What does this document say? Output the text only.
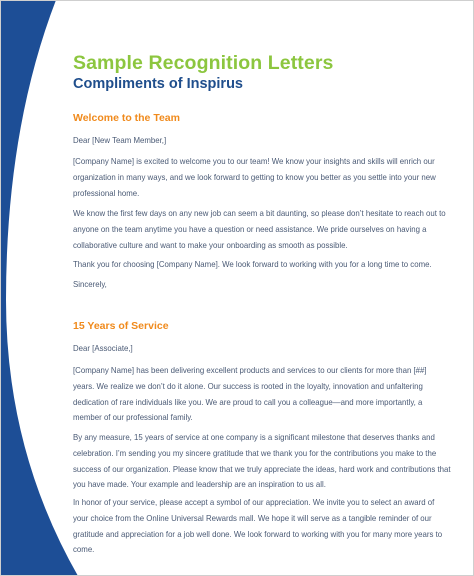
Sample Recognition Letters
Compliments of Inspirus
Welcome to the Team

Dear [New Team Member,]

[Company Name] is excited to welcome you to our team! We know your insights and skills will enrich our organization in many ways, and we look forward to getting to know you better as you settle into your new professional home.

We know the first few days on any new job can seem a bit daunting, so please don’t hesitate to reach out to anyone on the team anytime you have a question or need assistance. We pride ourselves on having a collaborative culture and want to make your onboarding as smooth as possible.

Thank you for choosing [Company Name]. We look forward to working with you for a long time to come.

Sincerely,

15 Years of Service

Dear [Associate,]

[Company Name] has been delivering excellent products and services to our clients for more than [##] years. We realize we don’t do it alone. Our success is rooted in the loyalty, innovation and unfaltering dedication of rare individuals like you. We are proud to call you a colleague—and more importantly, a member of our professional family.

By any measure, 15 years of service at one company is a significant milestone that deserves thanks and celebration. I’m sending you my sincere gratitude that we thank you for the contributions you make to the success of our organization. Please know that we truly appreciate the ideas, hard work and contributions that you have made. Your example and leadership are an inspiration to us all.

In honor of your service, please accept a symbol of our appreciation. We invite you to select an award of your choice from the Online Universal Rewards mall. We hope it will serve as a tangible reminder of our gratitude and appreciation for a job well done. We look forward to working with you for many more years to come.
